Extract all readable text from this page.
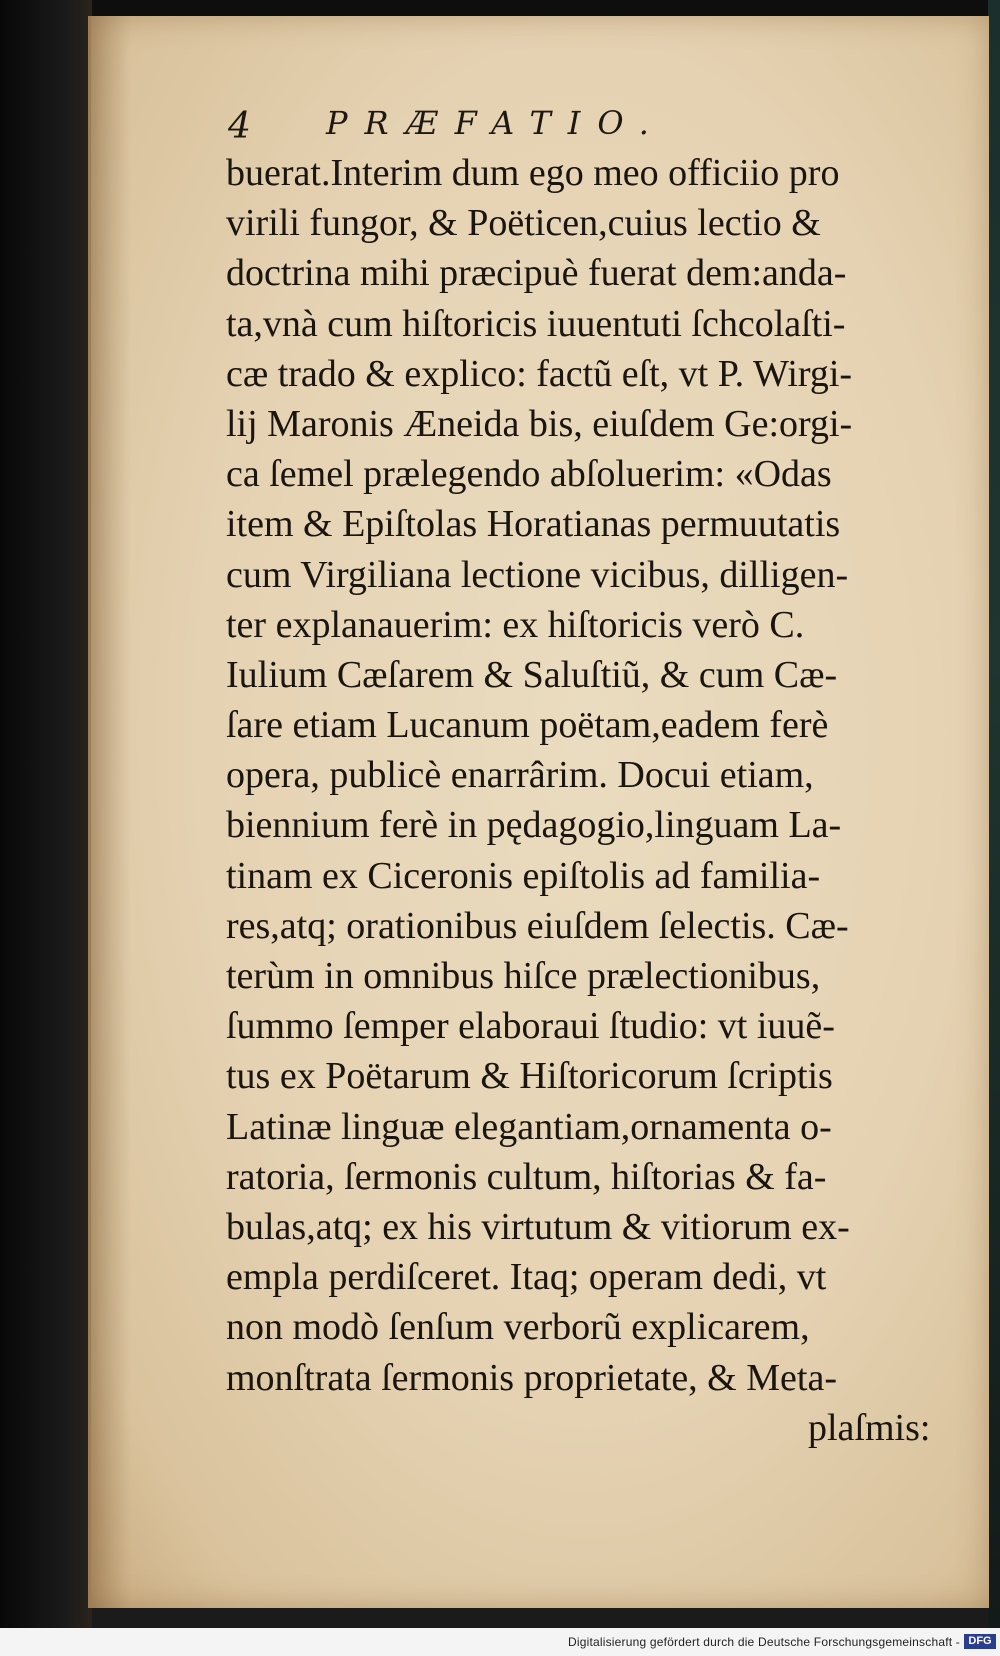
4 PRÆFATIO.
buerat.Interim dum ego meo officiio pro
virili fungor, & Poëticen,cuius lectio &
doctrina mihi præcipuè fuerat dem:anda-
ta,vnà cum hiſtoricis iuuentuti ſchcolaſti-
cæ trado & explico: factũ eſt, vt P. Wirgi-
lij Maronis Æneida bis, eiuſdem Ge:orgi-
ca ſemel prælegendo abſoluerim: «Odas
item & Epiſtolas Horatianas permuutatis
cum Virgiliana lectione vicibus, dilligen-
ter explanauerim: ex hiſtoricis verò C.
Iulium Cæſarem & Saluſtiũ, & cum Cæ-
ſare etiam Lucanum poëtam,eadem ferè
opera, publicè enarrârim. Docui etiam,
biennium ferè in pędagogio,linguam La-
tinam ex Ciceronis epiſtolis ad familia-
res,atq; orationibus eiuſdem ſelectis. Cæ-
terùm in omnibus hiſce prælectionibus,
ſummo ſemper elaboraui ſtudio: vt iuuẽ-
tus ex Poëtarum & Hiſtoricorum ſcriptis
Latinæ linguæ elegantiam,ornamenta o-
ratoria, ſermonis cultum, hiſtorias & fa-
bulas,atq; ex his virtutum & vitiorum ex-
empla perdiſceret. Itaq; operam dedi, vt
non modò ſenſum verborũ explicarem,
monſtrata ſermonis proprietate, & Meta-
plaſmis:
Digitalisierung gefördert durch die Deutsche Forschungsgemeinschaft - DFG
